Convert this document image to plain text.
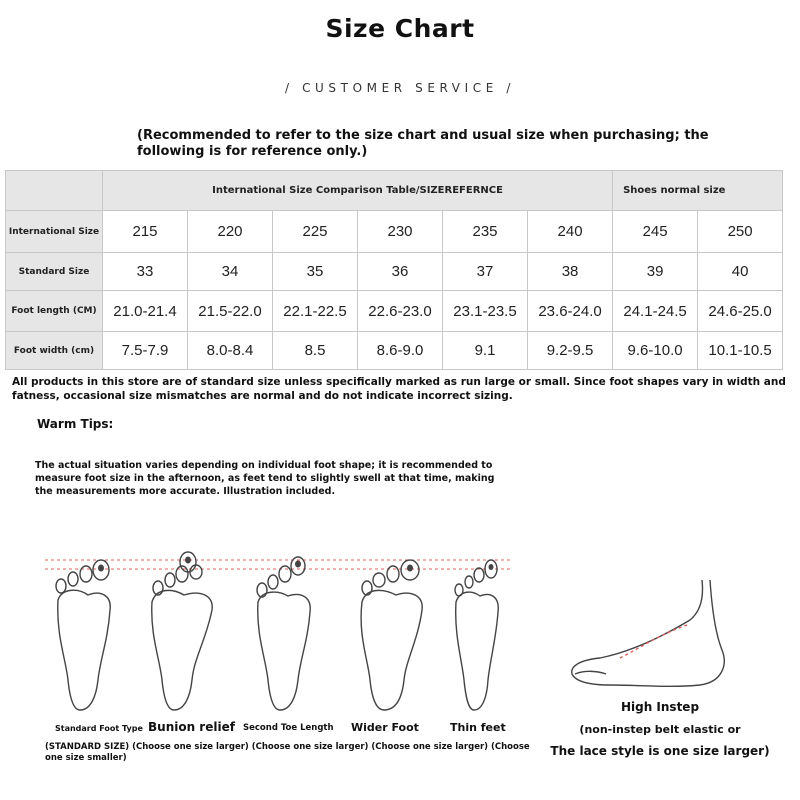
Size Chart
/ CUSTOMER SERVICE /
(Recommended to refer to the size chart and usual size when purchasing; the following is for reference only.)
	International Size Comparison Table/SIZEREFERNCE						Shoes normal size	
International Size	215	220	225	230	235	240	245	250
Standard Size	33	34	35	36	37	38	39	40
Foot length (CM)	21.0-21.4	21.5-22.0	22.1-22.5	22.6-23.0	23.1-23.5	23.6-24.0	24.1-24.5	24.6-25.0
Foot width (cm)	7.5-7.9	8.0-8.4	8.5	8.6-9.0	9.1	9.2-9.5	9.6-10.0	10.1-10.5
All products in this store are of standard size unless specifically marked as run large or small. Since foot shapes vary in width and fatness, occasional size mismatches are normal and do not indicate incorrect sizing.
Warm Tips:
The actual situation varies depending on individual foot shape; it is recommended to measure foot size in the afternoon, as feet tend to slightly swell at that time, making the measurements more accurate. Illustration included.
Standard Foot Type Bunion relief Second Toe Length Wider Foot	Thin feet
(STANDARD SIZE) (Choose one size larger) (Choose one size larger) (Choose one size larger) (Choose one size smaller)
High Instep
(non-instep belt elastic or
The lace style is one size larger)
